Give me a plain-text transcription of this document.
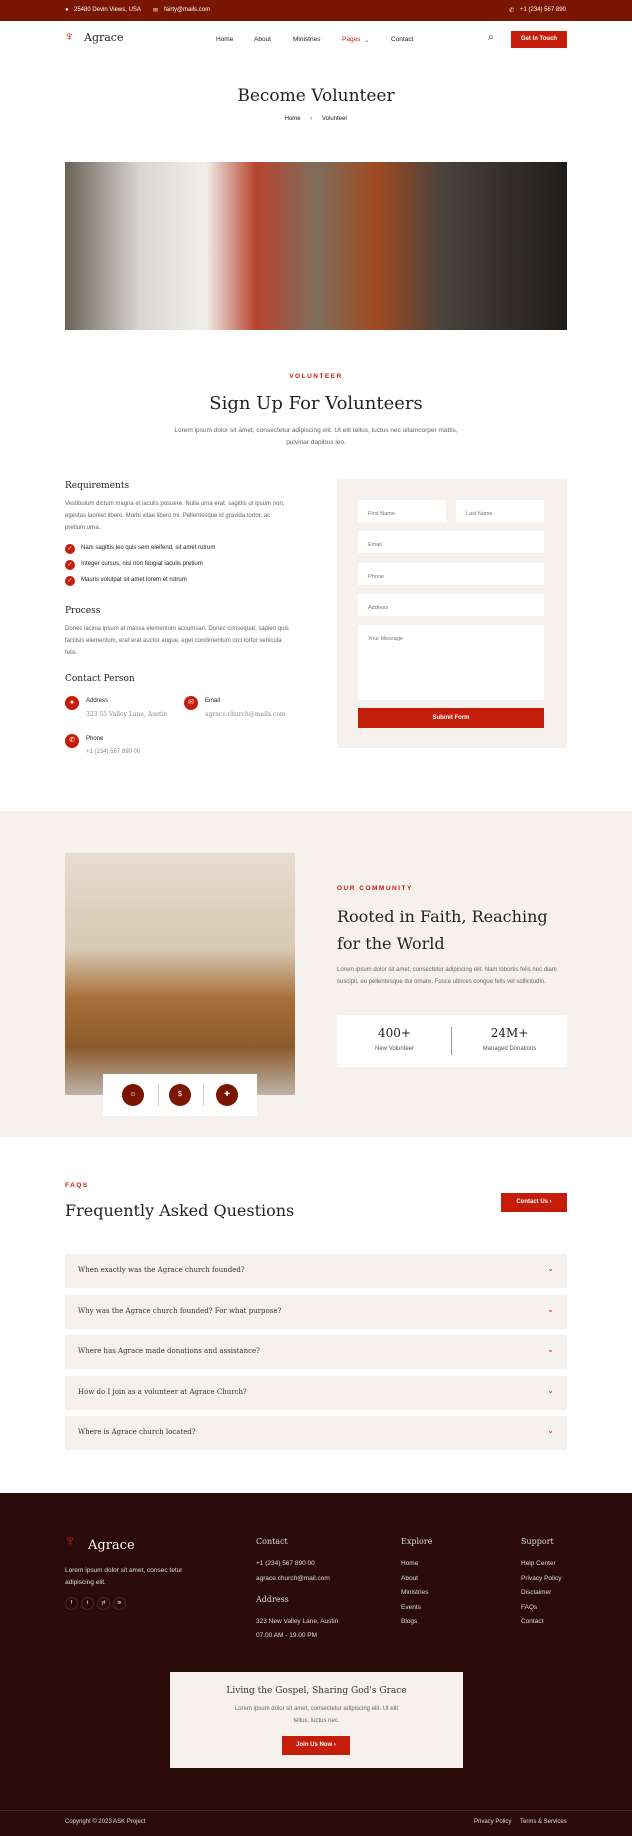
● 25480 Devin Views, USA ✉ fairty@mails.com	✆ +1 (234) 567 890
♆ Agrace	Home	About	Ministries	Pages ⌄	Contact	⌕	Get In Touch
Become Volunteer
Home › Volunteer
VOLUNTEER
Sign Up For Volunteers

Lorem ipsum dolor sit amet, consectetur adipiscing elit. Ut elit tellus, luctus nec ullamcorper mattis, pulvinar dapibus leo.

Requirements

Vestibulum dictum magna et iaculis posuere. Nulla urna erat, sagittis ut ipsum non, egestas laoreet libero. Morbi vitae libero mi. Pellentesque id gravida tortor, ac pretium urna.

✓	Nam sagittis leo quis sem eleifend, sit amet rutrum
✓	Integer cursus, nisi non feugiat iaculis pretium
✓	Mauris volutpat sit amet lorem et rutrum
Process

Donec lacinia ipsum at massa elementum accumsan. Donec consequat, sapien quis facilisis elementum, erat erat auctor augue, eget condimentum orci tortor vehicula felis.

Contact Person
●	Address
323 55 Valley Lane, Austin
✉	Email
agrace.church@mails.com
✆	Phone
+1 (234) 567 890 00
First Name	Last Name
Email
Phone
Address
Your Message
Submit Form
☺	$	✚
OUR COMMUNITY
Rooted in Faith, Reaching for the World

Lorem ipsum dolor sit amet, consectetur adipiscing elit. Nam lobortis felis nec diam suscipit, eu pellentesque dui ornare. Fusce ultrices congue felis vel sollicitudin.

400+
New Volunteer
24M+
Managed Donations
FAQS
Frequently Asked Questions	Contact Us ›
When exactly was the Agrace church founded?	⌄
Why was the Agrace church founded? For what purpose?	⌄
Where has Agrace made donations and assistance?	⌄
How do I join as a volunteer at Agrace Church?	⌄
Where is Agrace church located?	⌄
♆ Agrace

Lorem ipsum dolor sit amet, consec tetur adipiscing elit.

f	t	yt	in
Contact
+1 (234) 567 890 00
agrace.church@mail.com
Address
323 New Valley Lane, Austin
07.00 AM - 19.00 PM
Explore
Home
About
Ministries
Events
Blogs
Support
Help Center
Privacy Policy
Disclaimer
FAQs
Contact
Living the Gospel, Sharing God's Grace

Lorem ipsum dolor sit amet, consectetur adipiscing elit. Ut elit tellus, luctus nec.

Join Us Now ›
Copyright © 2023 ASK Project	Privacy Policy Terms & Services
